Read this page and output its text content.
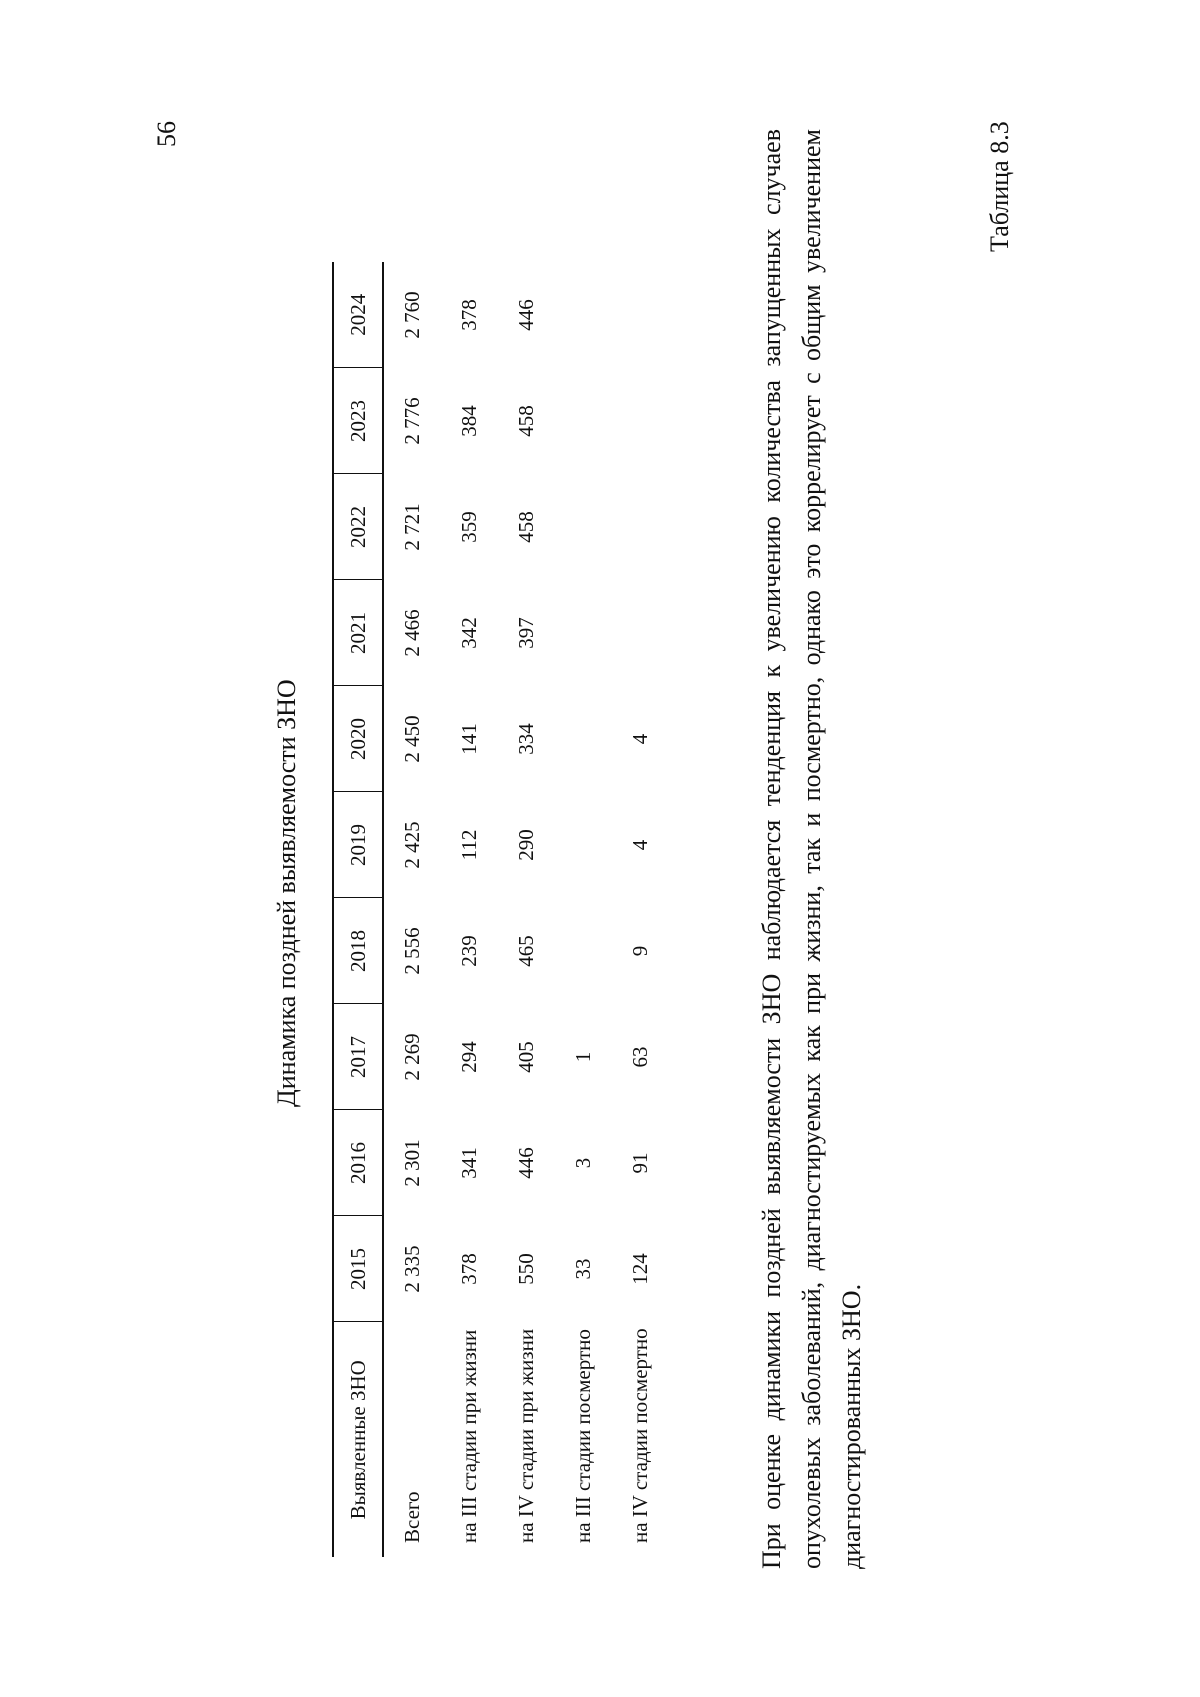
56	Таблица 8.3
Динамика поздней выявляемости ЗНО
Выявленные ЗНО	2015	2016	2017	2018	2019	2020	2021	2022	2023	2024
Всего	2 335	2 301	2 269	2 556	2 425	2 450	2 466	2 721	2 776	2 760
на III стадии при жизни	378	341	294	239	112	141	342	359	384	378
на IV стадии при жизни	550	446	405	465	290	334	397	458	458	446
на III стадии посмертно	33	3	1							
на IV стадии посмертно	124	91	63	9	4	4					При оценке динамики поздней выявляемости ЗНО наблюдается тенденция к увеличению количества запущенных случаев опухолевых заболеваний, диагностируемых как при жизни, так и посмертно, однако это коррелирует с общим увеличением диагностированных ЗНО.
